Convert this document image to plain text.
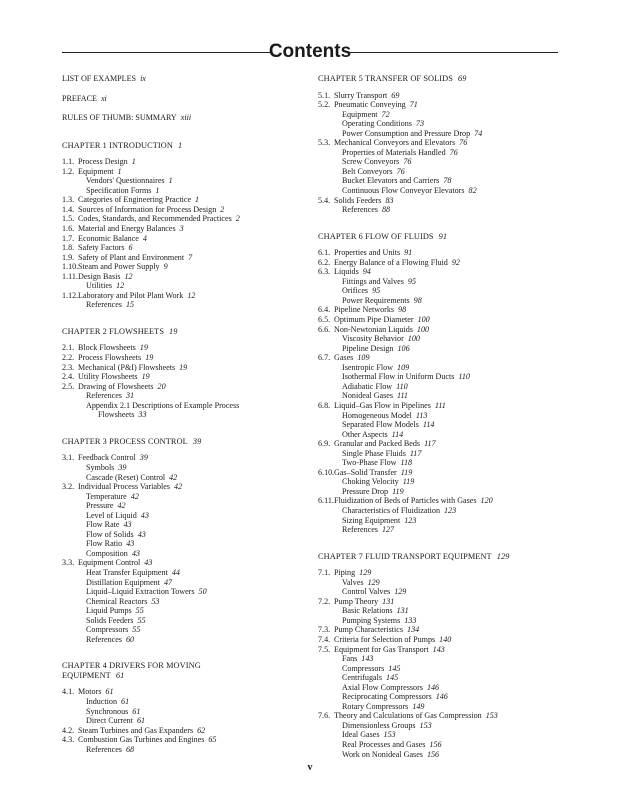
Contents
LIST OF EXAMPLES ix
PREFACE xi
RULES OF THUMB: SUMMARY xiii
CHAPTER 1 INTRODUCTION 1
1.1. Process Design 1
1.2. Equipment 1
Vendors' Questionnaires 1
Specification Forms 1
1.3. Categories of Engineering Practice 1
1.4. Sources of Information for Process Design 2
1.5. Codes, Standards, and Recommended Practices 2
1.6. Material and Energy Balances 3
1.7. Economic Balance 4
1.8. Safety Factors 6
1.9. Safety of Plant and Environment 7
1.10. Steam and Power Supply 9
1.11. Design Basis 12
Utilities 12
1.12. Laboratory and Pilot Plant Work 12
References 15
CHAPTER 2 FLOWSHEETS 19
2.1. Block Flowsheets 19
2.2. Process Flowsheets 19
2.3. Mechanical (P&I) Flowsheets 19
2.4. Utility Flowsheets 19
2.5. Drawing of Flowsheets 20
References 31
Appendix 2.1 Descriptions of Example Process
Flowsheets 33
CHAPTER 3 PROCESS CONTROL 39
3.1. Feedback Control 39
Symbols 39
Cascade (Reset) Control 42
3.2. Individual Process Variables 42
Temperature 42
Pressure 42
Level of Liquid 43
Flow Rate 43
Flow of Solids 43
Flow Ratio 43
Composition 43
3.3. Equipment Control 43
Heat Transfer Equipment 44
Distillation Equipment 47
Liquid–Liquid Extraction Towers 50
Chemical Reactors 53
Liquid Pumps 55
Solids Feeders 55
Compressors 55
References 60
CHAPTER 4 DRIVERS FOR MOVING
EQUIPMENT 61
4.1. Motors 61
Induction 61
Synchronous 61
Direct Current 61
4.2. Steam Turbines and Gas Expanders 62
4.3. Combustion Gas Turbines and Engines 65
References 68
CHAPTER 5 TRANSFER OF SOLIDS 69
5.1. Slurry Transport 69
5.2. Pneumatic Conveying 71
Equipment 72
Operating Conditions 73
Power Consumption and Pressure Drop 74
5.3. Mechanical Conveyors and Elevators 76
Properties of Materials Handled 76
Screw Conveyors 76
Belt Conveyors 76
Bucket Elevators and Carriers 78
Continuous Flow Conveyor Elevators 82
5.4. Solids Feeders 83
References 88
CHAPTER 6 FLOW OF FLUIDS 91
6.1. Properties and Units 91
6.2. Energy Balance of a Flowing Fluid 92
6.3. Liquids 94
Fittings and Valves 95
Orifices 95
Power Requirements 98
6.4. Pipeline Networks 98
6.5. Optimum Pipe Diameter 100
6.6. Non-Newtonian Liquids 100
Viscosity Behavior 100
Pipeline Design 106
6.7. Gases 109
Isentropic Flow 109
Isothermal Flow in Uniform Ducts 110
Adiabatic Flow 110
Nonideal Gases 111
6.8. Liquid–Gas Flow in Pipelines 111
Homogeneous Model 113
Separated Flow Models 114
Other Aspects 114
6.9. Granular and Packed Beds 117
Single Phase Fluids 117
Two-Phase Flow 118
6.10. Gas–Solid Transfer 119
Choking Velocity 119
Pressure Drop 119
6.11. Fluidization of Beds of Particles with Gases 120
Characteristics of Fluidization 123
Sizing Equipment 123
References 127
CHAPTER 7 FLUID TRANSPORT EQUIPMENT 129
7.1. Piping 129
Valves 129
Control Valves 129
7.2. Pump Theory 131
Basic Relations 131
Pumping Systems 133
7.3. Pump Characteristics 134
7.4. Criteria for Selection of Pumps 140
7.5. Equipment for Gas Transport 143
Fans 143
Compressors 145
Centrifugals 145
Axial Flow Compressors 146
Reciprocating Compressors 146
Rotary Compressors 149
7.6. Theory and Calculations of Gas Compression 153
Dimensionless Groups 153
Ideal Gases 153
Real Processes and Gases 156
Work on Nonideal Gases 156
v
